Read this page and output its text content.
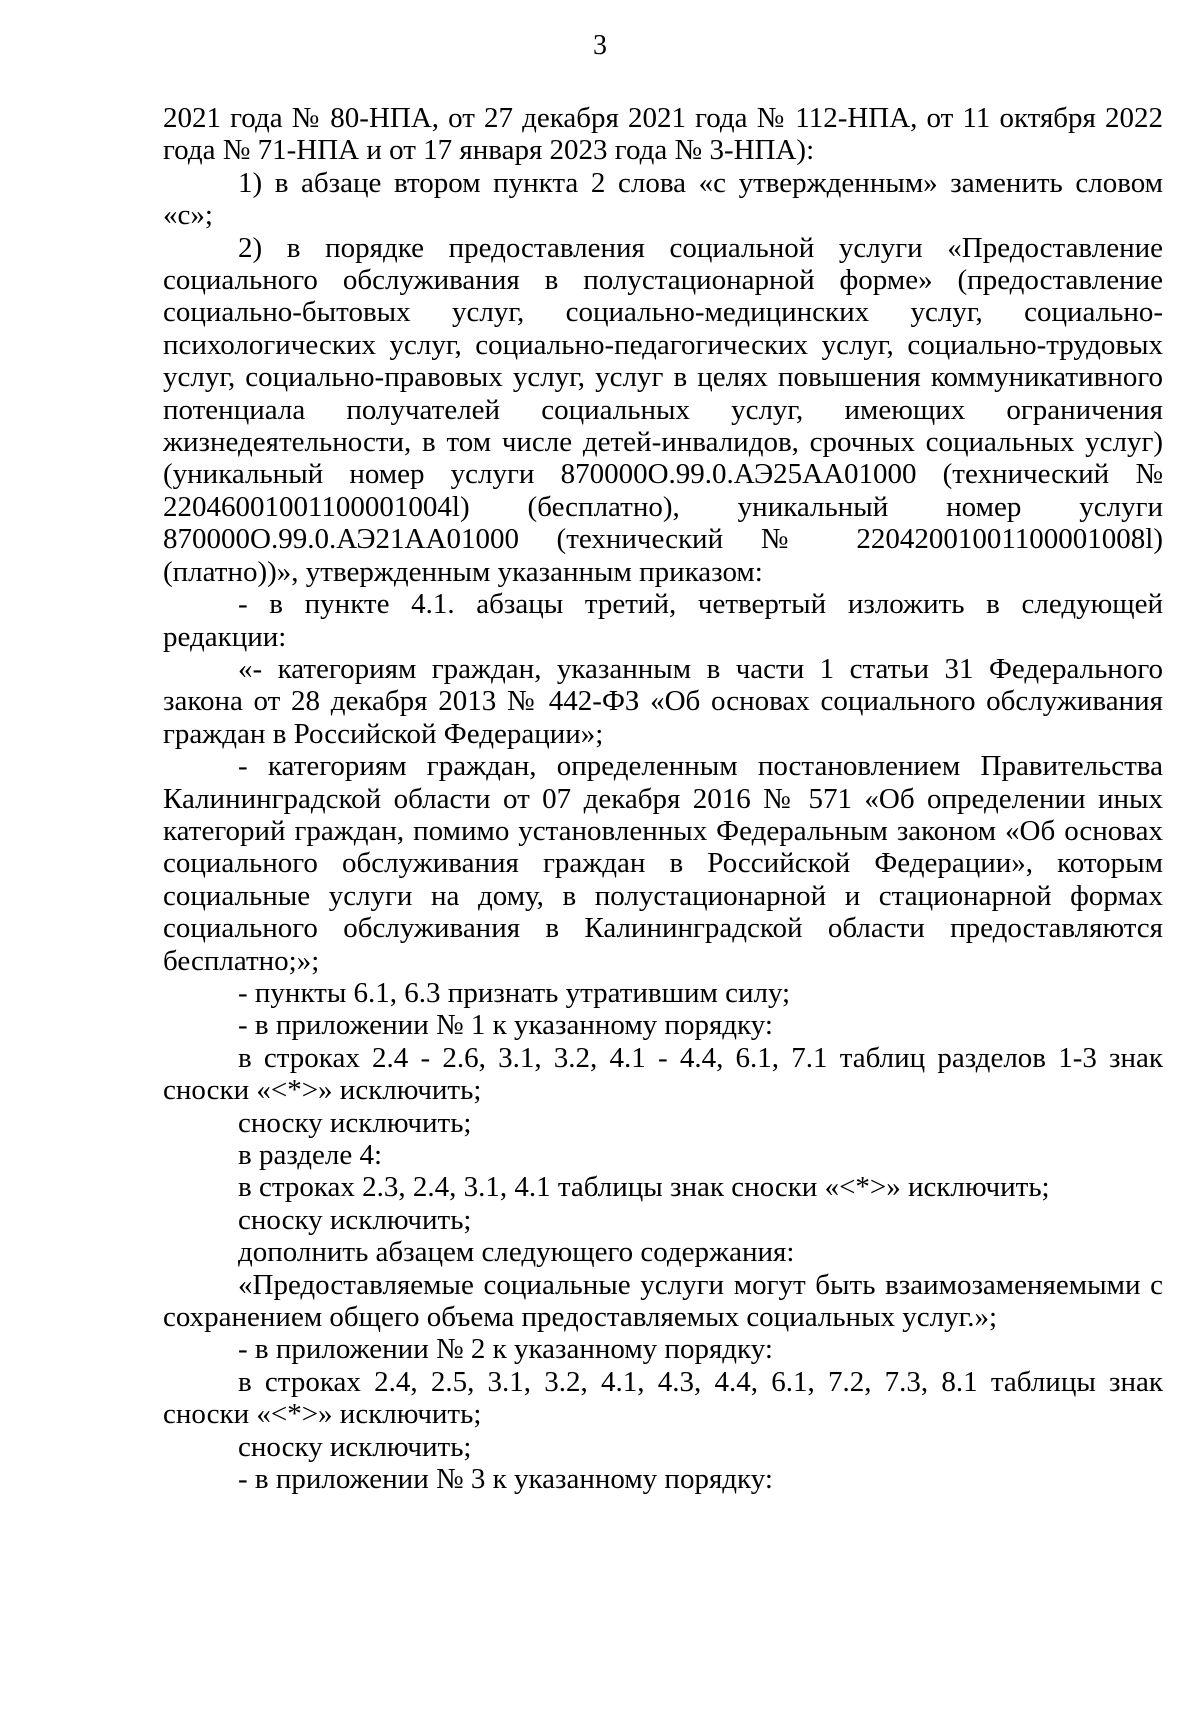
3

2021 года № 80-НПА, от 27 декабря 2021 года № 112-НПА, от 11 октября 2022 года № 71-НПА и от 17 января 2023 года № 3-НПА):

1) в абзаце втором пункта 2 слова «с утвержденным» заменить словом «с»;

2) в порядке предоставления социальной услуги «Предоставление социального обслуживания в полустационарной форме» (предоставление социально-бытовых услуг, социально-медицинских услуг, социально-психологических услуг, социально-педагогических услуг, социально-трудовых услуг, социально-правовых услуг, услуг в целях повышения коммуникативного потенциала получателей социальных услуг, имеющих ограничения жизнедеятельности, в том числе детей-инвалидов, срочных социальных услуг) (уникальный номер услуги 870000О.99.0.АЭ25АА01000 (технический № 22046001001100001004l) (бесплатно), уникальный номер услуги 870000О.99.0.АЭ21АА01000 (технический № 22042001001100001008l) (платно))», утвержденным указанным приказом:

- в пункте 4.1. абзацы третий, четвертый изложить в следующей редакции:

«- категориям граждан, указанным в части 1 статьи 31 Федерального закона от 28 декабря 2013 № 442-ФЗ «Об основах социального обслуживания граждан в Российской Федерации»;

- категориям граждан, определенным постановлением Правительства Калининградской области от 07 декабря 2016 № 571 «Об определении иных категорий граждан, помимо установленных Федеральным законом «Об основах социального обслуживания граждан в Российской Федерации», которым социальные услуги на дому, в полустационарной и стационарной формах социального обслуживания в Калининградской области предоставляются бесплатно;»;

- пункты 6.1, 6.3 признать утратившим силу;

- в приложении № 1 к указанному порядку:

в строках 2.4 - 2.6, 3.1, 3.2, 4.1 - 4.4, 6.1, 7.1 таблиц разделов 1-3 знак сноски «<*>» исключить;

сноску исключить;

в разделе 4:

в строках 2.3, 2.4, 3.1, 4.1 таблицы знак сноски «<*>» исключить;

сноску исключить;

дополнить абзацем следующего содержания:

«Предоставляемые социальные услуги могут быть взаимозаменяемыми с сохранением общего объема предоставляемых социальных услуг.»;

- в приложении № 2 к указанному порядку:

в строках 2.4, 2.5, 3.1, 3.2, 4.1, 4.3, 4.4, 6.1, 7.2, 7.3, 8.1 таблицы знак сноски «<*>» исключить;

сноску исключить;

- в приложении № 3 к указанному порядку:
